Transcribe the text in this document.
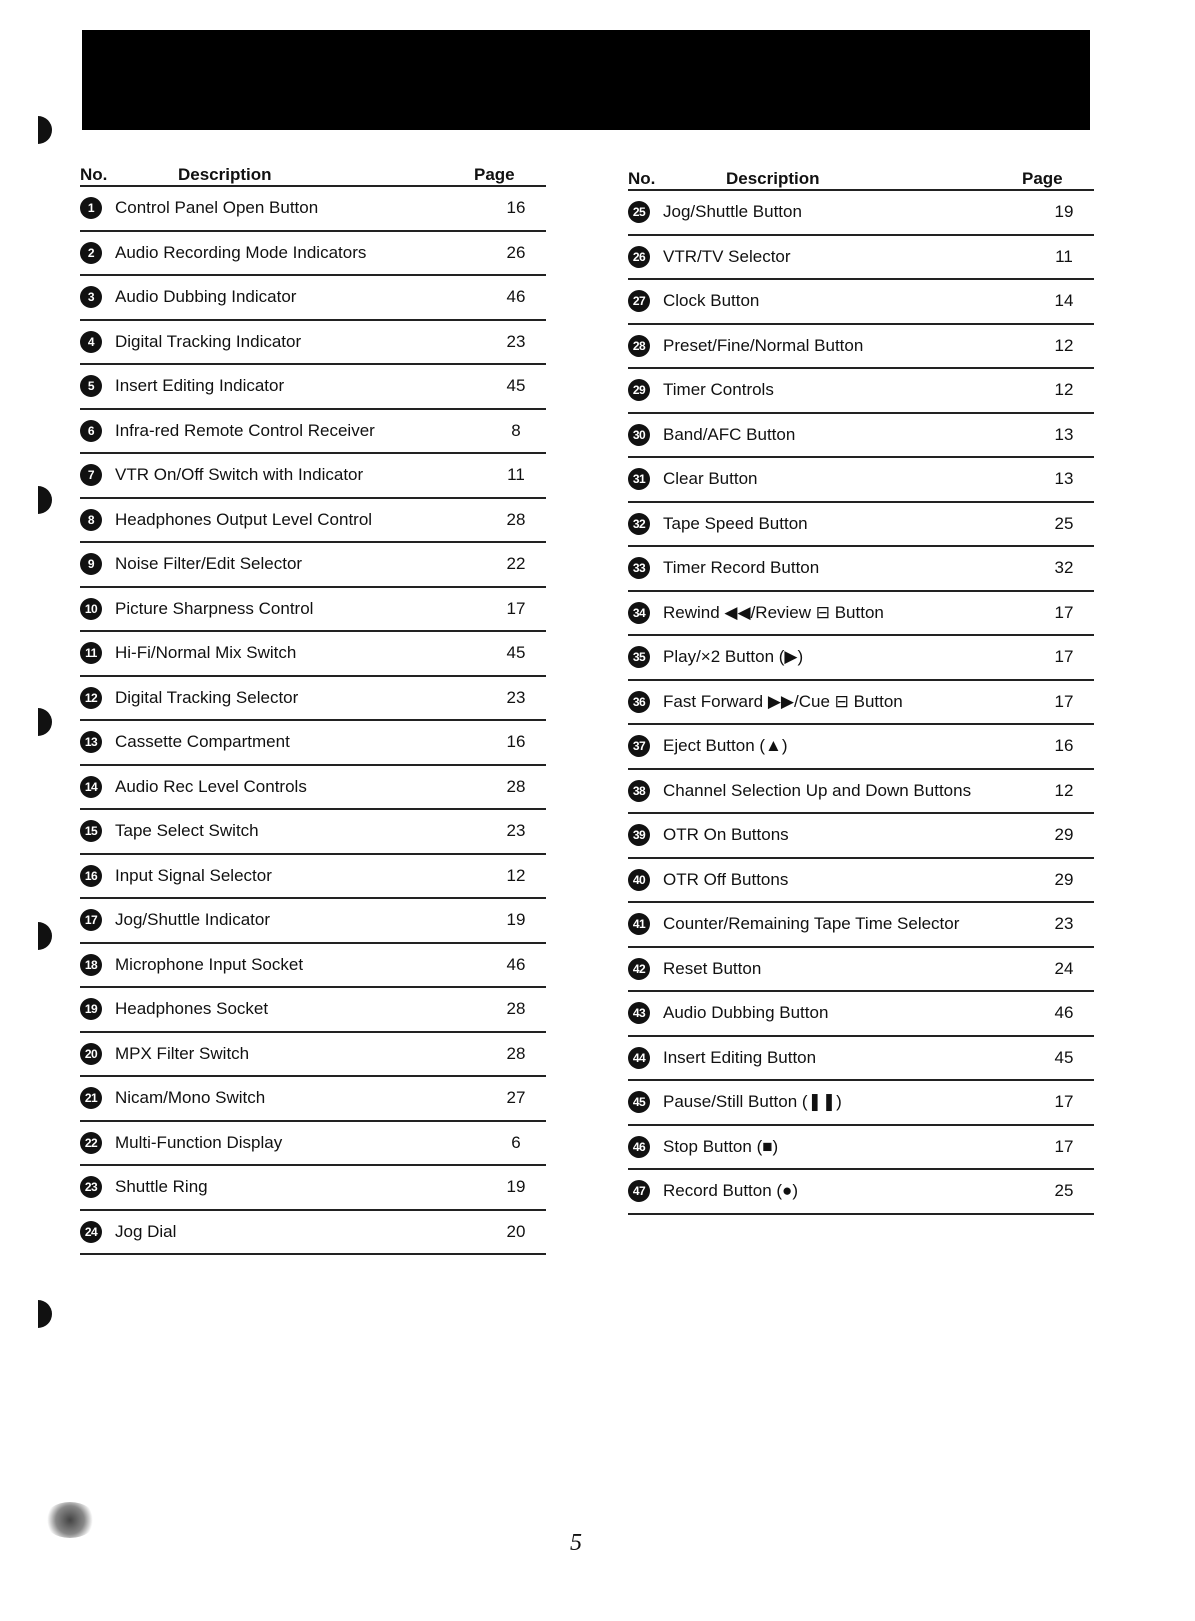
No.	Description	Page
1	Control Panel Open Button	16
2	Audio Recording Mode Indicators	26
3	Audio Dubbing Indicator	46
4	Digital Tracking Indicator	23
5	Insert Editing Indicator	45
6	Infra-red Remote Control Receiver	8
7	VTR On/Off Switch with Indicator	11
8	Headphones Output Level Control	28
9	Noise Filter/Edit Selector	22
10 Picture Sharpness Control	17
11	Hi-Fi/Normal Mix Switch	45
12 Digital Tracking Selector	23
13 Cassette Compartment	16
14 Audio Rec Level Controls	28
15 Tape Select Switch	23
16 Input Signal Selector	12
17 Jog/Shuttle Indicator	19
18 Microphone Input Socket	46
19 Headphones Socket	28
20 MPX Filter Switch	28
21 Nicam/Mono Switch	27
22 Multi-Function Display	6
23 Shuttle Ring	19
24 Jog Dial	20
No.	Description	Page
25 Jog/Shuttle Button	19
26 VTR/TV Selector	11
27 Clock Button	14
28 Preset/Fine/Normal Button	12
29 Timer Controls	12
30 Band/AFC Button	13
31 Clear Button	13
32 Tape Speed Button	25
33 Timer Record Button	32
34 Rewind ◀◀/Review ⊟ Button	17
35 Play/×2 Button (▶)	17
36 Fast Forward ▶▶/Cue ⊟ Button	17
37 Eject Button (▲)	16
38 Channel Selection Up and Down Buttons	12
39 OTR On Buttons	29
40 OTR Off Buttons	29
41 Counter/Remaining Tape Time Selector	23
42 Reset Button	24
43 Audio Dubbing Button	46
44 Insert Editing Button	45
45 Pause/Still Button (❚❚)	17
46 Stop Button (■)	17
47 Record Button (●)	25
5
